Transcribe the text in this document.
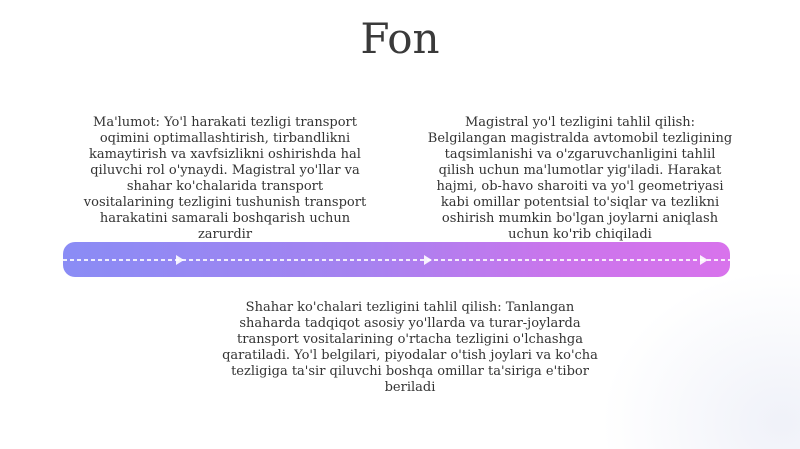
Fon

Ma'lumot: Yo'l harakati tezligi transport oqimini optimallashtirish, tirbandlikni kamaytirish va xavfsizlikni oshirishda hal qiluvchi rol o'ynaydi. Magistral yo'llar va shahar ko'chalarida transport vositalarining tezligini tushunish transport harakatini samarali boshqarish uchun zarurdir

Magistral yo'l tezligini tahlil qilish: Belgilangan magistralda avtomobil tezligining taqsimlanishi va o'zgaruvchanligini tahlil qilish uchun ma'lumotlar yig'iladi. Harakat hajmi, ob-havo sharoiti va yo'l geometriyasi kabi omillar potentsial to'siqlar va tezlikni oshirish mumkin bo'lgan joylarni aniqlash uchun ko'rib chiqiladi

Shahar ko'chalari tezligini tahlil qilish: Tanlangan shaharda tadqiqot asosiy yo'llarda va turar-joylarda transport vositalarining o'rtacha tezligini o'lchashga qaratiladi. Yo'l belgilari, piyodalar o'tish joylari va ko'cha tezligiga ta'sir qiluvchi boshqa omillar ta'siriga e'tibor beriladi
